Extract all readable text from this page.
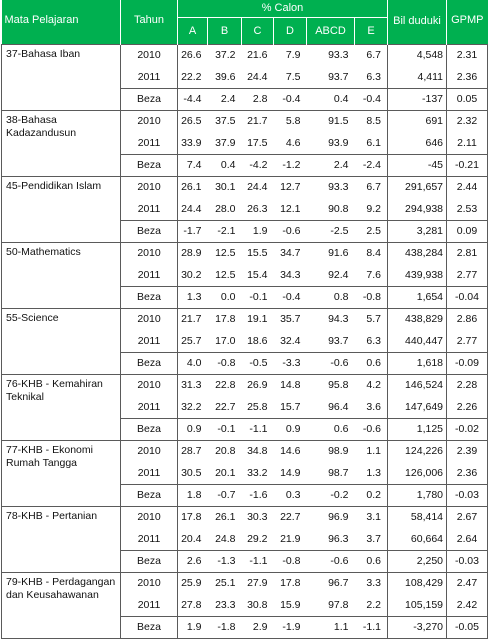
Mata Pelajaran	Tahun	% Calon						Bil duduki	GPMP
		A	B	C	D	ABCD	E		
37-Bahasa Iban	2010	26.6	37.2	21.6	7.9	93.3	6.7	4,548	2.31
	2011	22.2	39.6	24.4	7.5	93.7	6.3	4,411	2.36
	Beza	-4.4	2.4	2.8	-0.4	0.4	-0.4	-137	0.05
38-Bahasa Kadazandusun	2010	26.5	37.5	21.7	5.8	91.5	8.5	691	2.32
	2011	33.9	37.9	17.5	4.6	93.9	6.1	646	2.11
	Beza	7.4	0.4	-4.2	-1.2	2.4	-2.4	-45	-0.21
45-Pendidikan Islam	2010	26.1	30.1	24.4	12.7	93.3	6.7	291,657	2.44
	2011	24.4	28.0	26.3	12.1	90.8	9.2	294,938	2.53
	Beza	-1.7	-2.1	1.9	-0.6	-2.5	2.5	3,281	0.09
50-Mathematics	2010	28.9	12.5	15.5	34.7	91.6	8.4	438,284	2.81
	2011	30.2	12.5	15.4	34.3	92.4	7.6	439,938	2.77
	Beza	1.3	0.0	-0.1	-0.4	0.8	-0.8	1,654	-0.04
55-Science	2010	21.7	17.8	19.1	35.7	94.3	5.7	438,829	2.86
	2011	25.7	17.0	18.6	32.4	93.7	6.3	440,447	2.77
	Beza	4.0	-0.8	-0.5	-3.3	-0.6	0.6	1,618	-0.09
76-KHB - Kemahiran Teknikal	2010	31.3	22.8	26.9	14.8	95.8	4.2	146,524	2.28
	2011	32.2	22.7	25.8	15.7	96.4	3.6	147,649	2.26
	Beza	0.9	-0.1	-1.1	0.9	0.6	-0.6	1,125	-0.02
77-KHB - Ekonomi Rumah Tangga	2010	28.7	20.8	34.8	14.6	98.9	1.1	124,226	2.39
	2011	30.5	20.1	33.2	14.9	98.7	1.3	126,006	2.36
	Beza	1.8	-0.7	-1.6	0.3	-0.2	0.2	1,780	-0.03
78-KHB - Pertanian	2010	17.8	26.1	30.3	22.7	96.9	3.1	58,414	2.67
	2011	20.4	24.8	29.2	21.9	96.3	3.7	60,664	2.64
	Beza	2.6	-1.3	-1.1	-0.8	-0.6	0.6	2,250	-0.03
79-KHB - Perdagangan dan Keusahawanan	2010	25.9	25.1	27.9	17.8	96.7	3.3	108,429	2.47
	2011	27.8	23.3	30.8	15.9	97.8	2.2	105,159	2.42
	Beza	1.9	-1.8	2.9	-1.9	1.1	-1.1	-3,270	-0.05
